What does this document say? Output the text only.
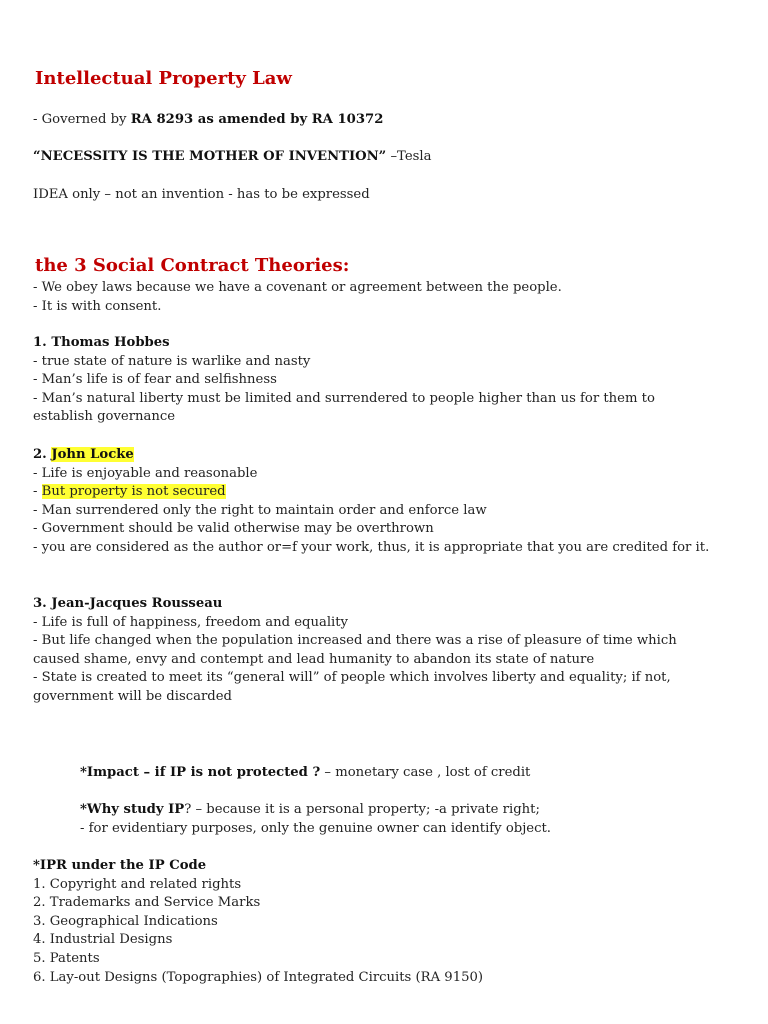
Intellectual Property Law
- Governed by RA 8293 as amended by RA 10372
“NECESSITY IS THE MOTHER OF INVENTION” –Tesla
IDEA only – not an invention - has to be expressed
the 3 Social Contract Theories:
- We obey laws because we have a covenant or agreement between the people.
- It is with consent.
1. Thomas Hobbes
- true state of nature is warlike and nasty
- Man’s life is of fear and selfishness
- Man’s natural liberty must be limited and surrendered to people higher than us for them to
establish governance
2. John Locke
- Life is enjoyable and reasonable
- But property is not secured
- Man surrendered only the right to maintain order and enforce law
- Government should be valid otherwise may be overthrown
- you are considered as the author or=f your work, thus, it is appropriate that you are credited for it.
3. Jean-Jacques Rousseau
- Life is full of happiness, freedom and equality
- But life changed when the population increased and there was a rise of pleasure of time which
caused shame, envy and contempt and lead humanity to abandon its state of nature
- State is created to meet its “general will” of people which involves liberty and equality; if not,
government will be discarded
*Impact – if IP is not protected ? – monetary case , lost of credit
*Why study IP? – because it is a personal property; -a private right;
- for evidentiary purposes, only the genuine owner can identify object.
*IPR under the IP Code
1. Copyright and related rights
2. Trademarks and Service Marks
3. Geographical Indications
4. Industrial Designs
5. Patents
6. Lay-out Designs (Topographies) of Integrated Circuits (RA 9150)
